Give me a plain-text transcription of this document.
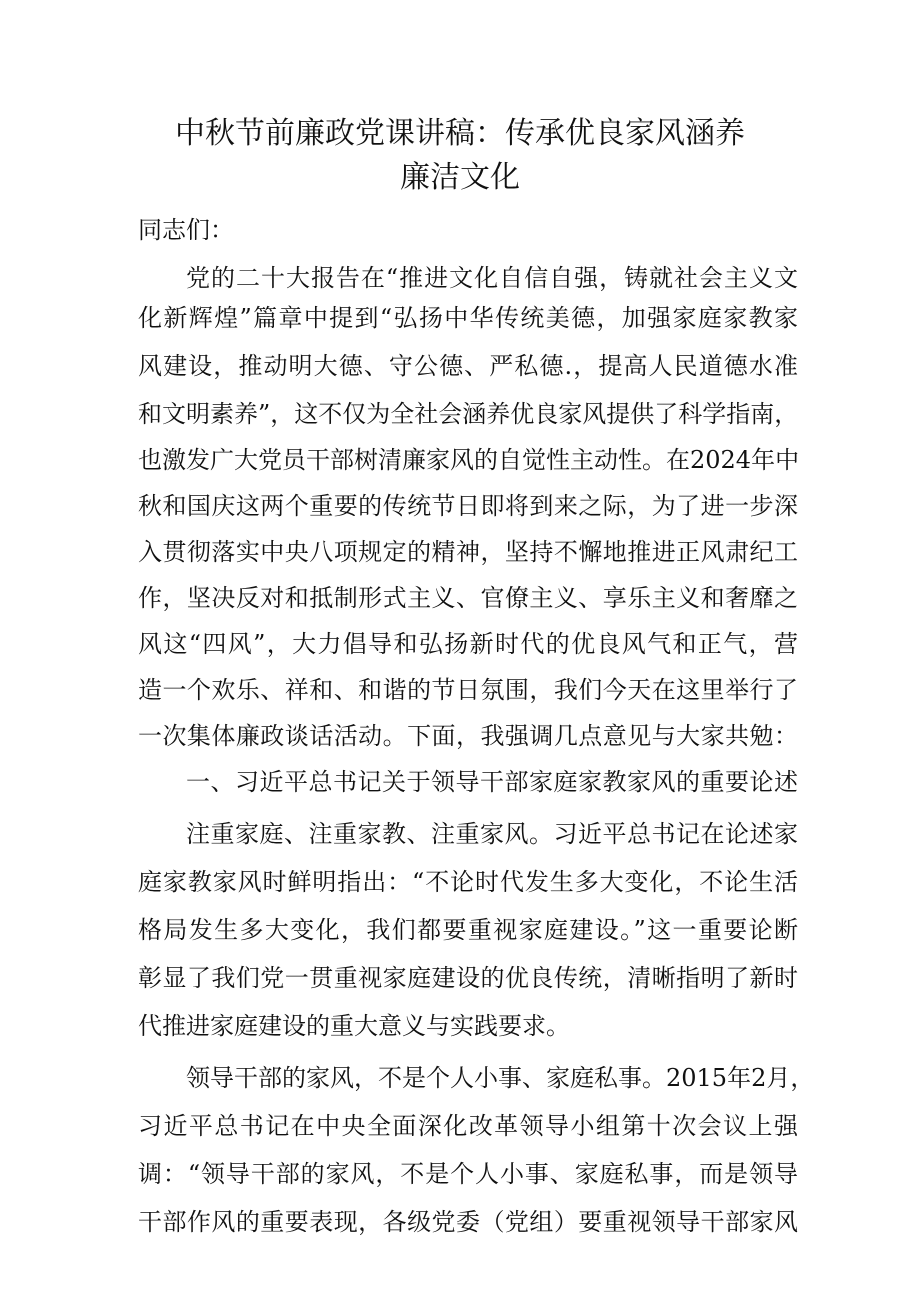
中秋节前廉政党课讲稿：传承优良家风涵养
廉洁文化

同志们：

党的二十大报告在“推进文化自信自强，铸就社会主义文

化新辉煌”篇章中提到“弘扬中华传统美德，加强家庭家教家

风建设，推动明大德、守公德、严私德.，提高人民道德水准

和文明素养”，这不仅为全社会涵养优良家风提供了科学指南，

也激发广大党员干部树清廉家风的自觉性主动性。在2024年中

秋和国庆这两个重要的传统节日即将到来之际，为了进一步深

入贯彻落实中央八项规定的精神，坚持不懈地推进正风肃纪工

作，坚决反对和抵制形式主义、官僚主义、享乐主义和奢靡之

风这“四风”，大力倡导和弘扬新时代的优良风气和正气，营

造一个欢乐、祥和、和谐的节日氛围，我们今天在这里举行了

一次集体廉政谈话活动。下面，我强调几点意见与大家共勉：

一、习近平总书记关于领导干部家庭家教家风的重要论述

注重家庭、注重家教、注重家风。习近平总书记在论述家

庭家教家风时鲜明指出：“不论时代发生多大变化，不论生活

格局发生多大变化，我们都要重视家庭建设。”这一重要论断

彰显了我们党一贯重视家庭建设的优良传统，清晰指明了新时

代推进家庭建设的重大意义与实践要求。

领导干部的家风，不是个人小事、家庭私事。2015年2月，

习近平总书记在中央全面深化改革领导小组第十次会议上强

调：“领导干部的家风，不是个人小事、家庭私事，而是领导

干部作风的重要表现，各级党委（党组）要重视领导干部家风
